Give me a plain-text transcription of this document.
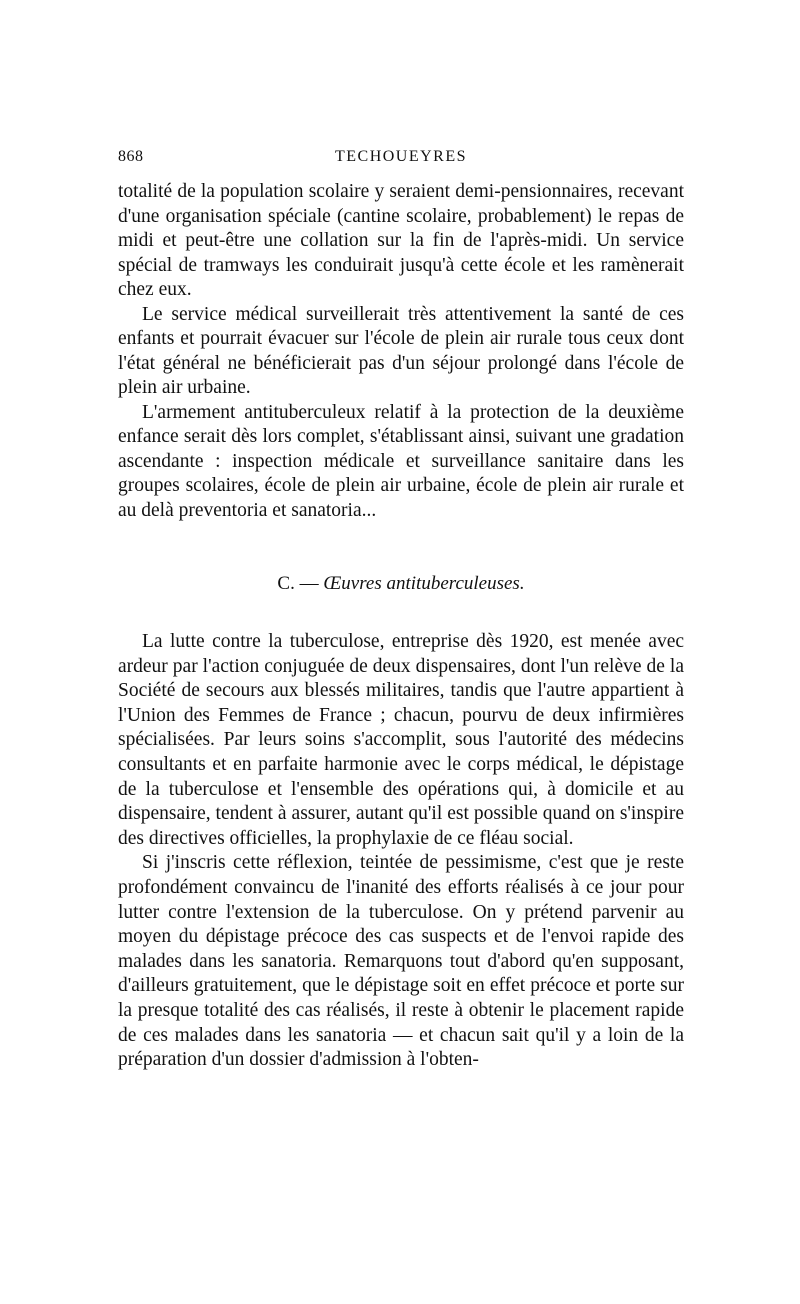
868	TECHOUEYRES

totalité de la population scolaire y seraient demi-pensionnaires, recevant d'une organisation spéciale (cantine scolaire, probablement) le repas de midi et peut-être une collation sur la fin de l'après-midi. Un service spécial de tramways les conduirait jusqu'à cette école et les ramènerait chez eux.

Le service médical surveillerait très attentivement la santé de ces enfants et pourrait évacuer sur l'école de plein air rurale tous ceux dont l'état général ne bénéficierait pas d'un séjour prolongé dans l'école de plein air urbaine.

L'armement antituberculeux relatif à la protection de la deuxième enfance serait dès lors complet, s'établissant ainsi, suivant une gradation ascendante : inspection médicale et surveillance sanitaire dans les groupes scolaires, école de plein air urbaine, école de plein air rurale et au delà preventoria et sanatoria...

C. — Œuvres antituberculeuses.

La lutte contre la tuberculose, entreprise dès 1920, est menée avec ardeur par l'action conjuguée de deux dispensaires, dont l'un relève de la Société de secours aux blessés militaires, tandis que l'autre appartient à l'Union des Femmes de France ; chacun, pourvu de deux infirmières spécialisées. Par leurs soins s'accomplit, sous l'autorité des médecins consultants et en parfaite harmonie avec le corps médical, le dépistage de la tuberculose et l'ensemble des opérations qui, à domicile et au dispensaire, tendent à assurer, autant qu'il est possible quand on s'inspire des directives officielles, la prophylaxie de ce fléau social.

Si j'inscris cette réflexion, teintée de pessimisme, c'est que je reste profondément convaincu de l'inanité des efforts réalisés à ce jour pour lutter contre l'extension de la tuberculose. On y prétend parvenir au moyen du dépistage précoce des cas suspects et de l'envoi rapide des malades dans les sanatoria. Remarquons tout d'abord qu'en supposant, d'ailleurs gratuitement, que le dépistage soit en effet précoce et porte sur la presque totalité des cas réalisés, il reste à obtenir le placement rapide de ces malades dans les sanatoria — et chacun sait qu'il y a loin de la préparation d'un dossier d'admission à l'obten-
